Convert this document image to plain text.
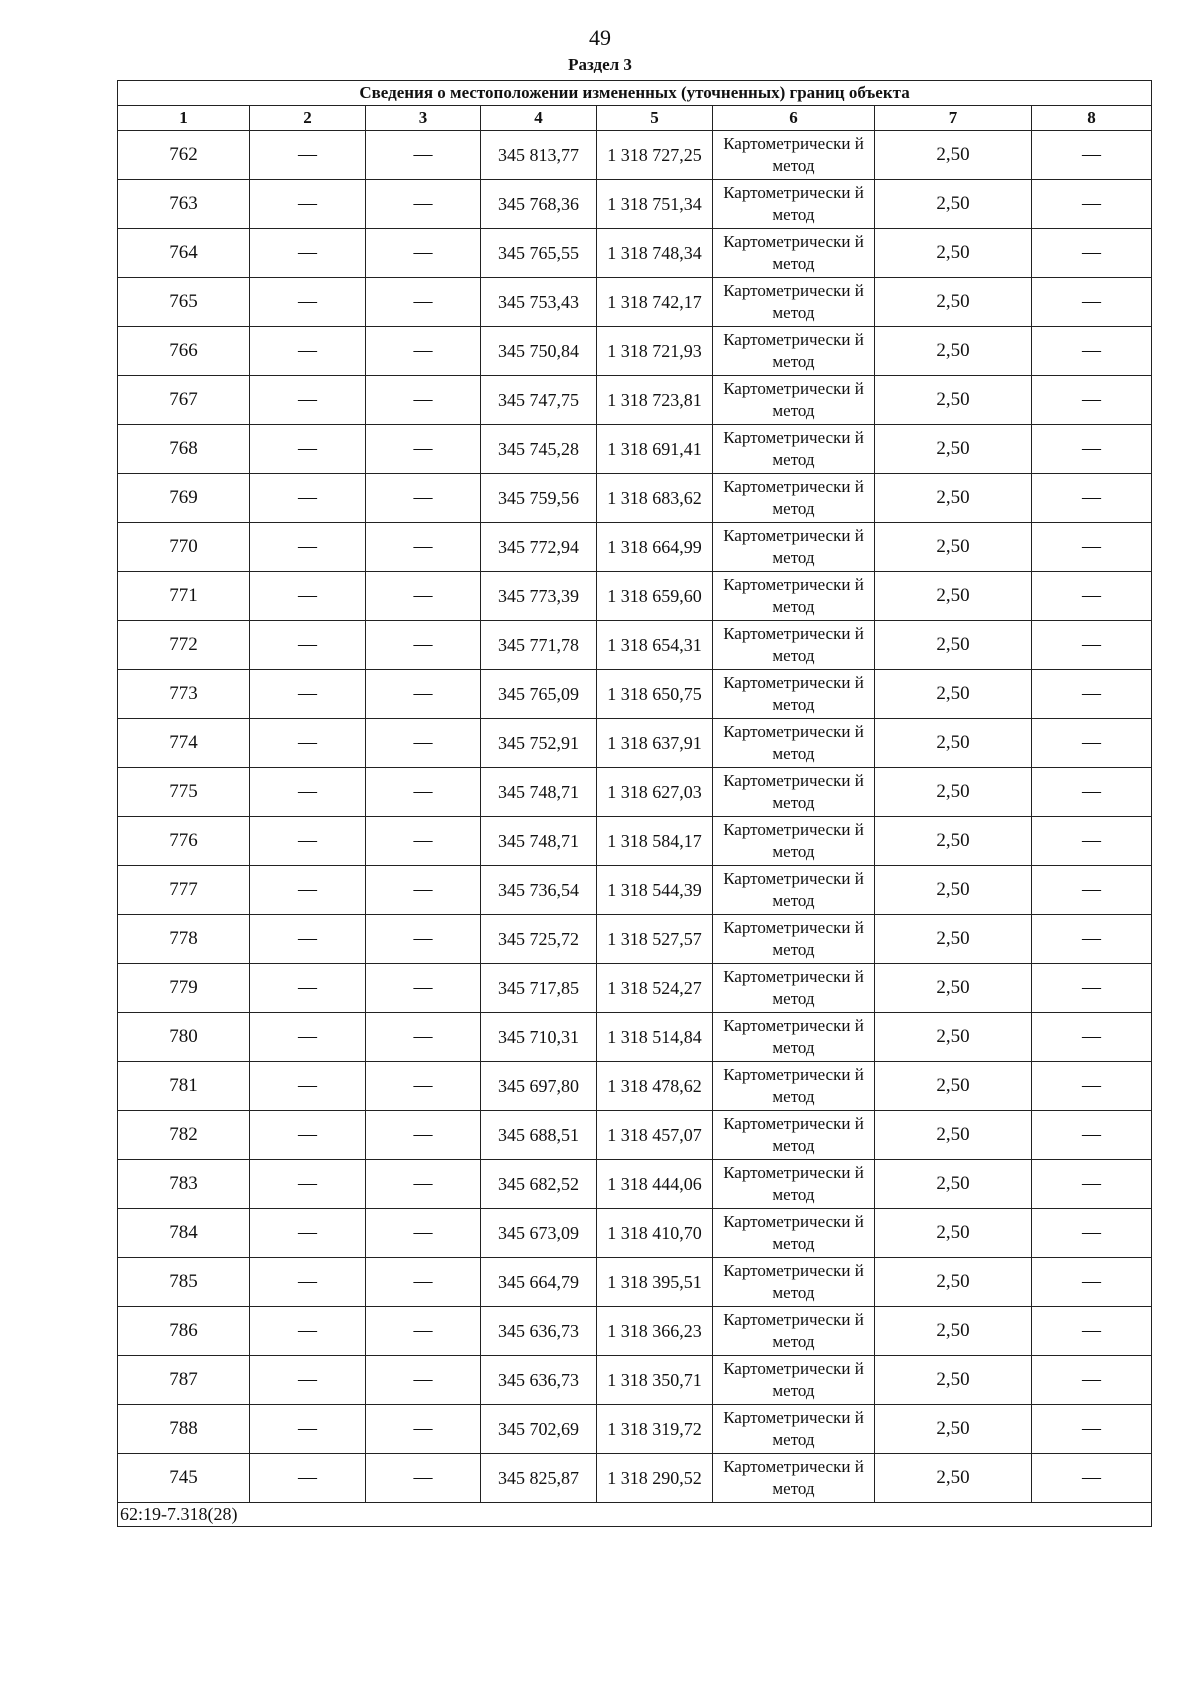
49
Раздел 3
Сведения о местоположении измененных (уточненных) границ объекта							
1	2	3	4	5	6	7	8
762	—	—	345 813,77	1 318 727,25	Картометрически й метод	2,50	—
763	—	—	345 768,36	1 318 751,34	Картометрически й метод	2,50	—
764	—	—	345 765,55	1 318 748,34	Картометрически й метод	2,50	—
765	—	—	345 753,43	1 318 742,17	Картометрически й метод	2,50	—
766	—	—	345 750,84	1 318 721,93	Картометрически й метод	2,50	—
767	—	—	345 747,75	1 318 723,81	Картометрически й метод	2,50	—
768	—	—	345 745,28	1 318 691,41	Картометрически й метод	2,50	—
769	—	—	345 759,56	1 318 683,62	Картометрически й метод	2,50	—
770	—	—	345 772,94	1 318 664,99	Картометрически й метод	2,50	—
771	—	—	345 773,39	1 318 659,60	Картометрически й метод	2,50	—
772	—	—	345 771,78	1 318 654,31	Картометрически й метод	2,50	—
773	—	—	345 765,09	1 318 650,75	Картометрически й метод	2,50	—
774	—	—	345 752,91	1 318 637,91	Картометрически й метод	2,50	—
775	—	—	345 748,71	1 318 627,03	Картометрически й метод	2,50	—
776	—	—	345 748,71	1 318 584,17	Картометрически й метод	2,50	—
777	—	—	345 736,54	1 318 544,39	Картометрически й метод	2,50	—
778	—	—	345 725,72	1 318 527,57	Картометрически й метод	2,50	—
779	—	—	345 717,85	1 318 524,27	Картометрически й метод	2,50	—
780	—	—	345 710,31	1 318 514,84	Картометрически й метод	2,50	—
781	—	—	345 697,80	1 318 478,62	Картометрически й метод	2,50	—
782	—	—	345 688,51	1 318 457,07	Картометрически й метод	2,50	—
783	—	—	345 682,52	1 318 444,06	Картометрически й метод	2,50	—
784	—	—	345 673,09	1 318 410,70	Картометрически й метод	2,50	—
785	—	—	345 664,79	1 318 395,51	Картометрически й метод	2,50	—
786	—	—	345 636,73	1 318 366,23	Картометрически й метод	2,50	—
787	—	—	345 636,73	1 318 350,71	Картометрически й метод	2,50	—
788	—	—	345 702,69	1 318 319,72	Картометрически й метод	2,50	—
745	—	—	345 825,87	1 318 290,52	Картометрически й метод	2,50	—
62:19-7.318(28)							
